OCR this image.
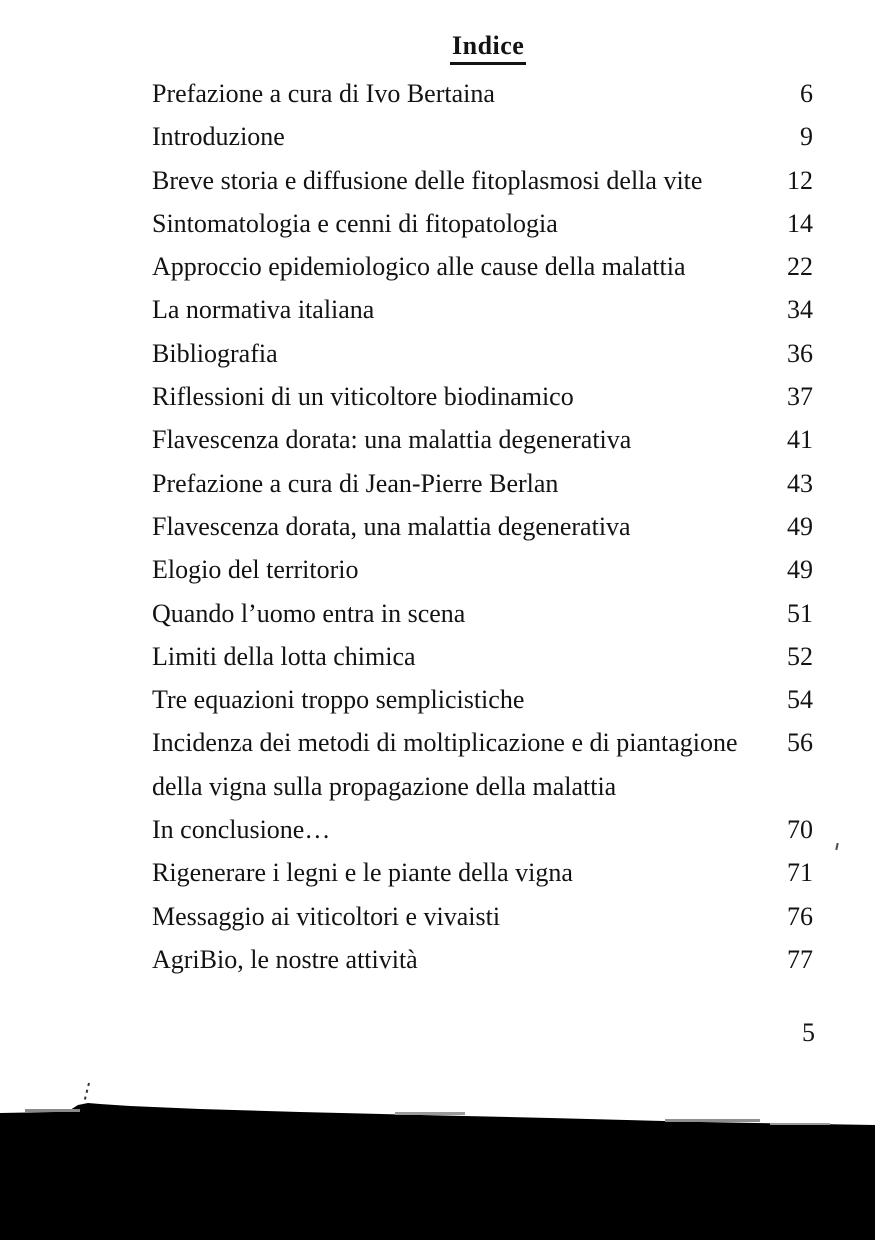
Indice
Prefazione a cura di Ivo Bertaina	6
Introduzione	9
Breve storia e diffusione delle fitoplasmosi della vite	12
Sintomatologia e cenni di fitopatologia	14
Approccio epidemiologico alle cause della malattia	22
La normativa italiana	34
Bibliografia	36
Riflessioni di un viticoltore biodinamico	37
Flavescenza dorata: una malattia degenerativa	41
Prefazione a cura di Jean-Pierre Berlan	43
Flavescenza dorata, una malattia degenerativa	49
Elogio del territorio	49
Quando l’uomo entra in scena	51
Limiti della lotta chimica	52
Tre equazioni troppo semplicistiche	54
Incidenza dei metodi di moltiplicazione e di piantagione
della vigna sulla propagazione della malattia
56
In conclusione…	70
Rigenerare i legni e le piante della vigna	71
Messaggio ai viticoltori e vivaisti	76
AgriBio, le nostre attività	77
5
